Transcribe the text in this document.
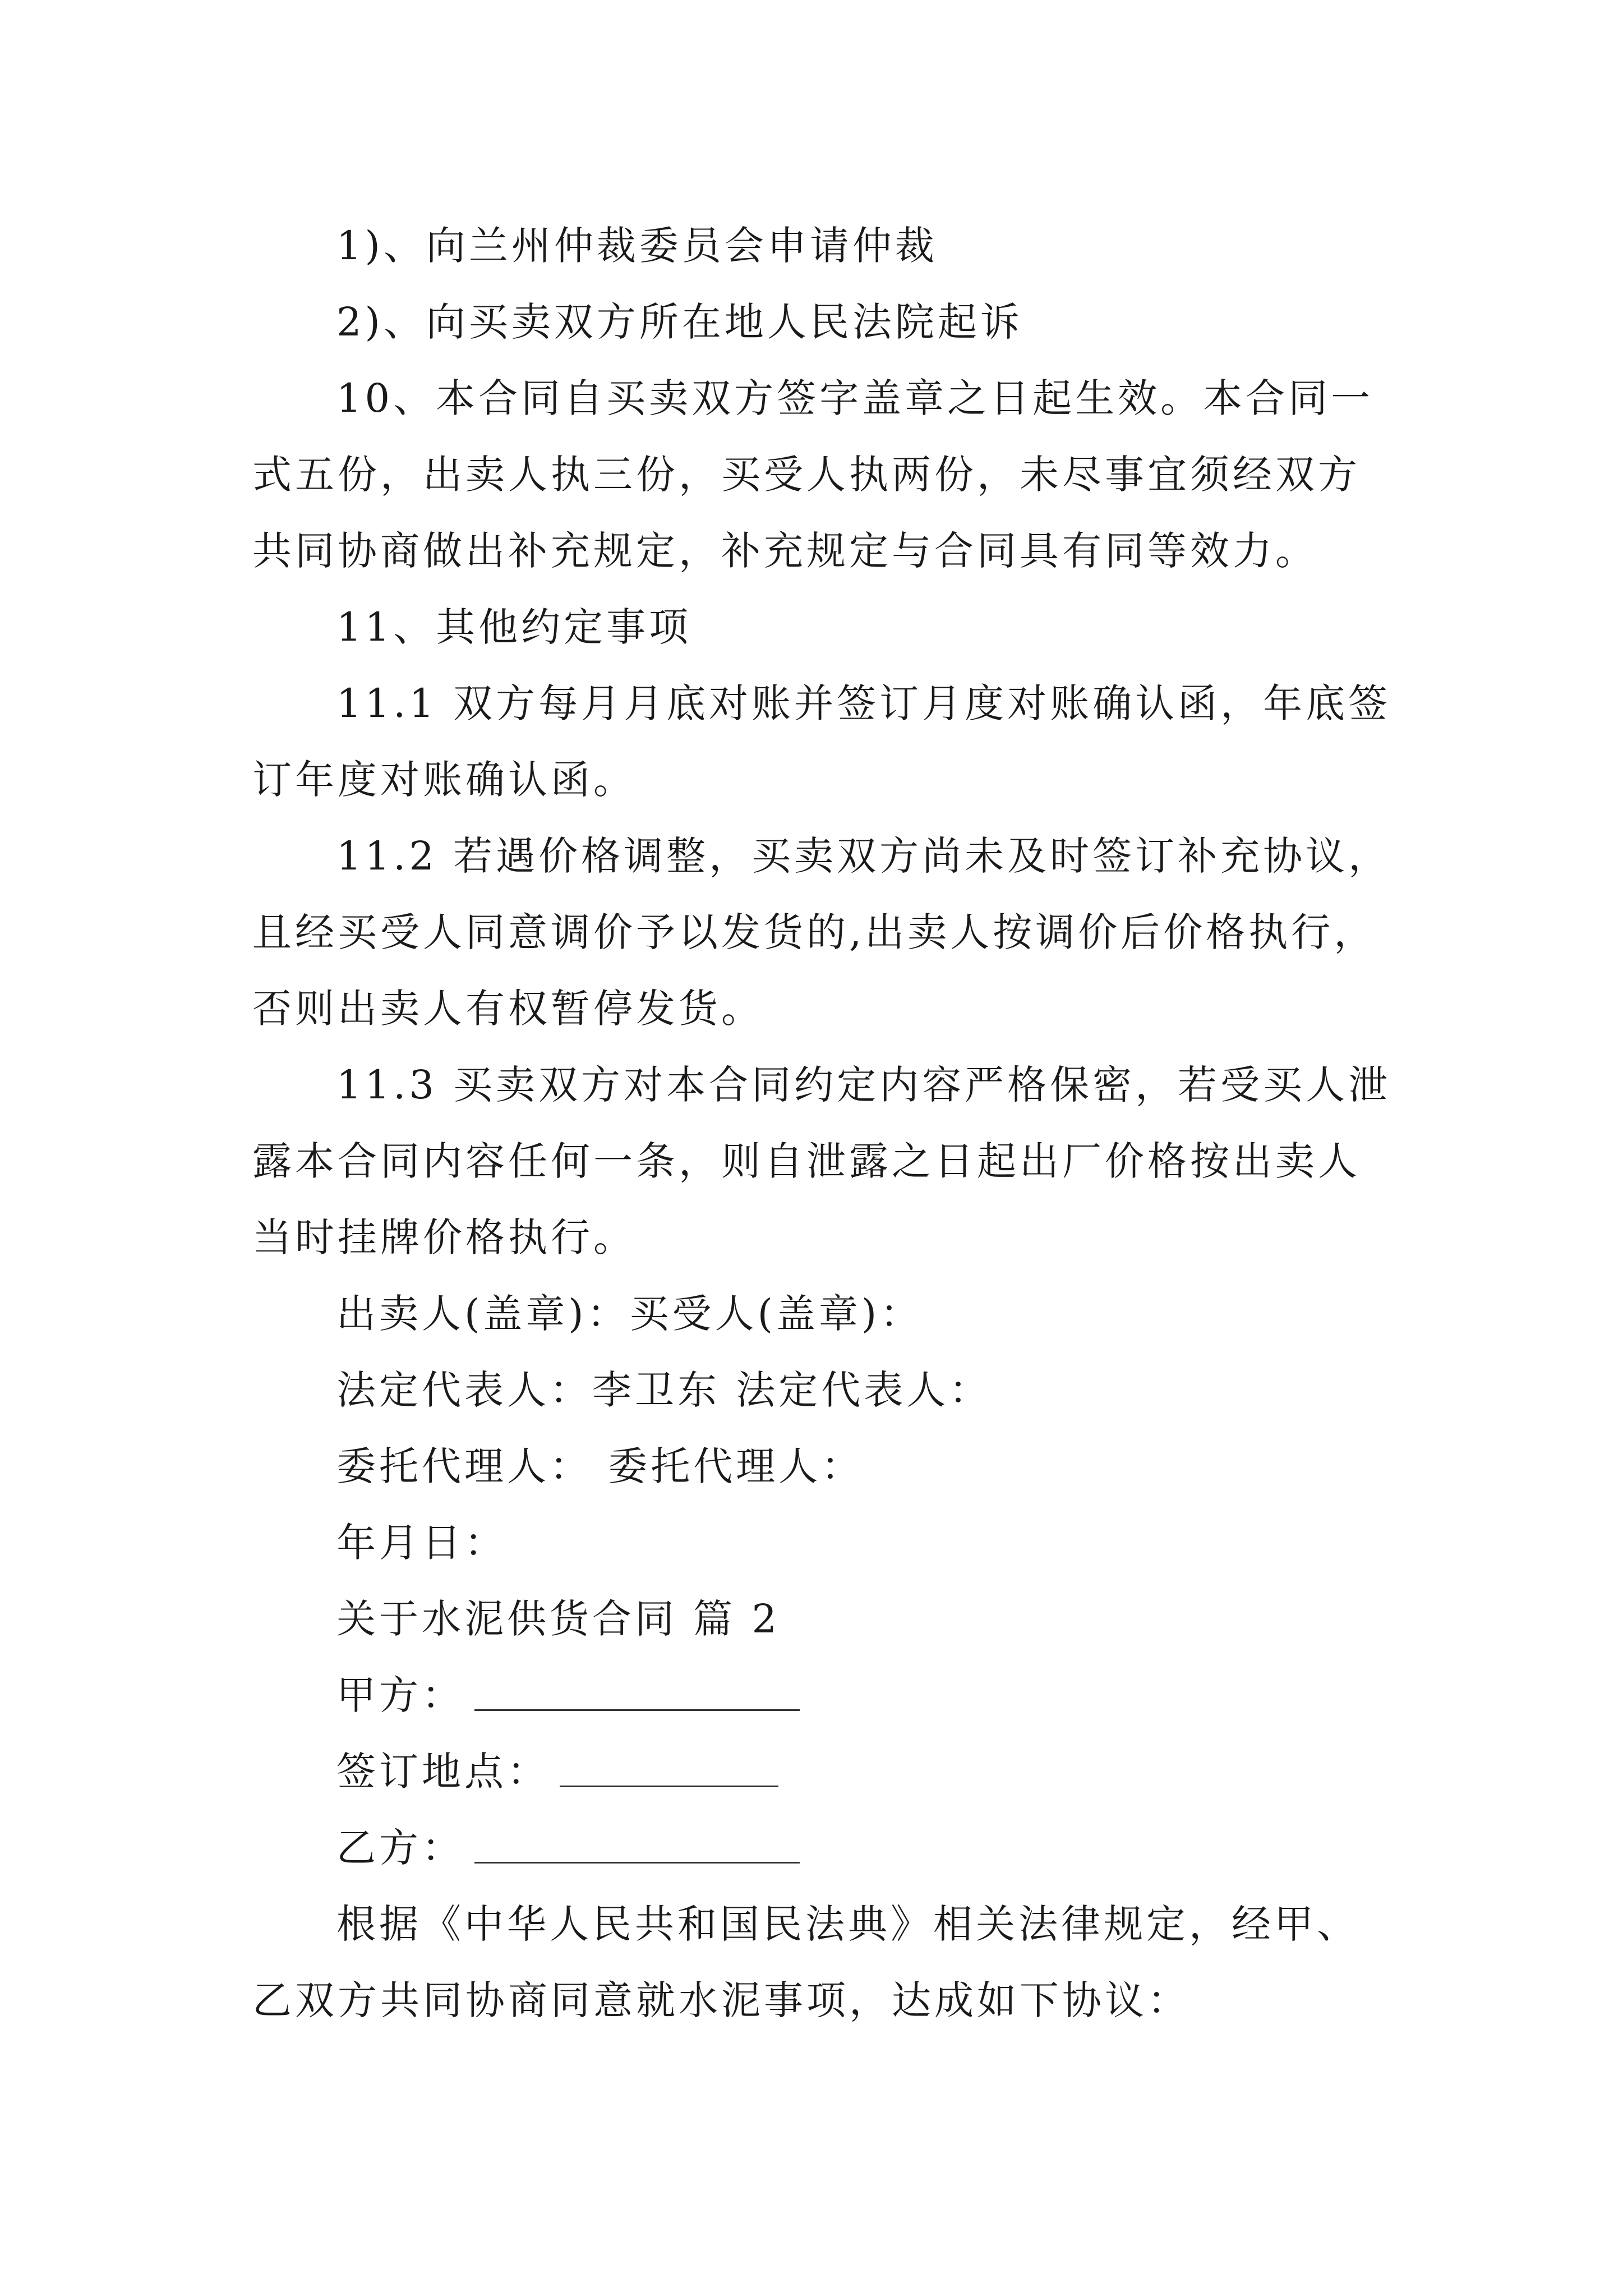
1)、向兰州仲裁委员会申请仲裁

2)、向买卖双方所在地人民法院起诉

10、本合同自买卖双方签字盖章之日起生效。本合同一

式五份，出卖人执三份，买受人执两份，未尽事宜须经双方

共同协商做出补充规定，补充规定与合同具有同等效力。

11、其他约定事项

11.1 双方每月月底对账并签订月度对账确认函，年底签

订年度对账确认函。

11.2 若遇价格调整，买卖双方尚未及时签订补充协议，

且经买受人同意调价予以发货的,出卖人按调价后价格执行，

否则出卖人有权暂停发货。

11.3 买卖双方对本合同约定内容严格保密，若受买人泄

露本合同内容任何一条，则自泄露之日起出厂价格按出卖人

当时挂牌价格执行。

出卖人(盖章)：买受人(盖章)：

法定代表人：李卫东 法定代表人：

委托代理人： 委托代理人：

年月日：

关于水泥供货合同 篇 2

甲方：

签订地点：

乙方：

根据《中华人民共和国民法典》相关法律规定，经甲、

乙双方共同协商同意就水泥事项，达成如下协议：
